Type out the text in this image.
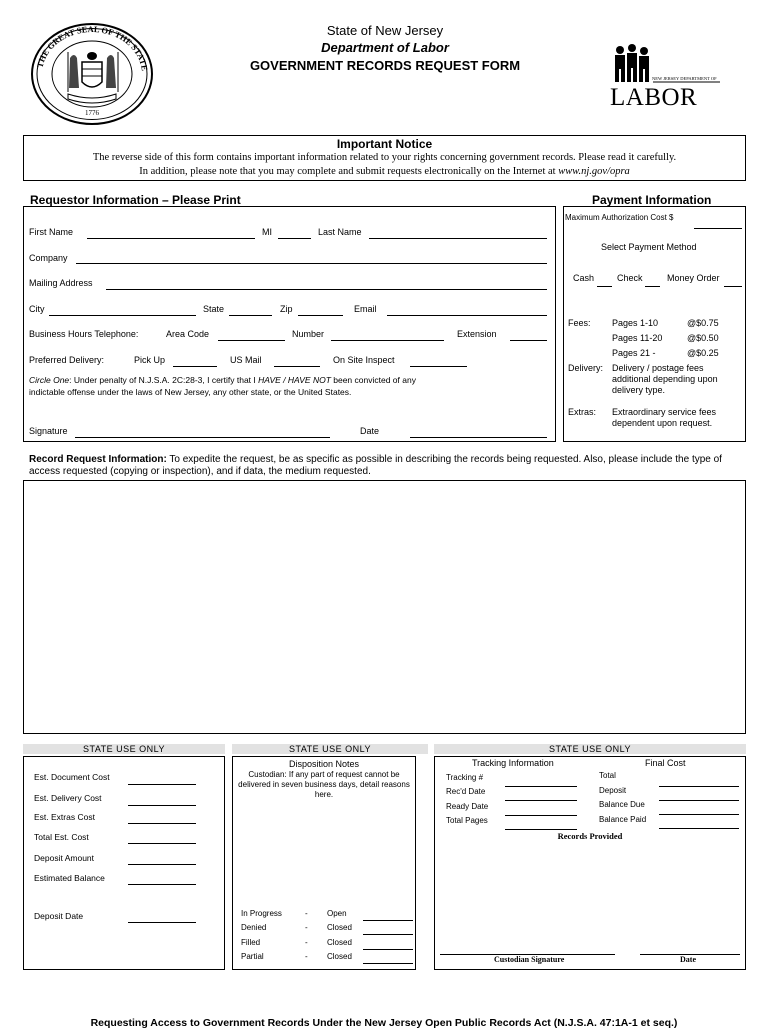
THE GREAT SEAL OF THE STATE
1776
State of New Jersey
Department of Labor
GOVERNMENT RECORDS REQUEST FORM
NEW JERSEY DEPARTMENT OF
LABOR
Important Notice
The reverse side of this form contains important information related to your rights concerning government records. Please read it carefully.
In addition, please note that you may complete and submit requests electronically on the Internet at www.nj.gov/opra
Requestor Information – Please Print
First Name	MI	Last Name
Company
Mailing Address
City	State	Zip	Email
Business Hours Telephone:	Area Code	Number	Extension
Preferred Delivery:	Pick Up	US Mail	On Site Inspect
Circle One: Under penalty of N.J.S.A. 2C:28-3, I certify that I HAVE / HAVE NOT been convicted of any
indictable offense under the laws of New Jersey, any other state, or the United States.
Signature	Date
Payment Information
Maximum Authorization Cost $
Select Payment Method
Cash	Check	Money Order
Fees: Pages 1-10	@$0.75
Pages 11-20	@$0.50
Pages 21 -	@$0.25
Delivery: Delivery / postage fees additional depending upon delivery type.
Extras: Extraordinary service fees dependent upon request.
Record Request Information: To expedite the request, be as specific as possible in describing the records being requested. Also, please include the type of access requested (copying or inspection), and if data, the medium requested.
STATE USE ONLY	STATE USE ONLY	STATE USE ONLY
Est. Document Cost
Est. Delivery Cost
Est. Extras Cost
Total Est. Cost
Deposit Amount
Estimated Balance
Deposit Date
Disposition Notes
Custodian: If any part of request cannot be delivered in seven business days, detail reasons here.
In Progress	- Open
Denied	- Closed
Filled	- Closed
Partial	- Closed
Tracking Information	Final Cost
Tracking #
Rec'd Date
Ready Date
Total Pages
Total
Deposit
Balance Due
Balance Paid
Records Provided
Custodian Signature	Date
Requesting Access to Government Records Under the New Jersey Open Public Records Act (N.J.S.A. 47:1A-1 et seq.)
